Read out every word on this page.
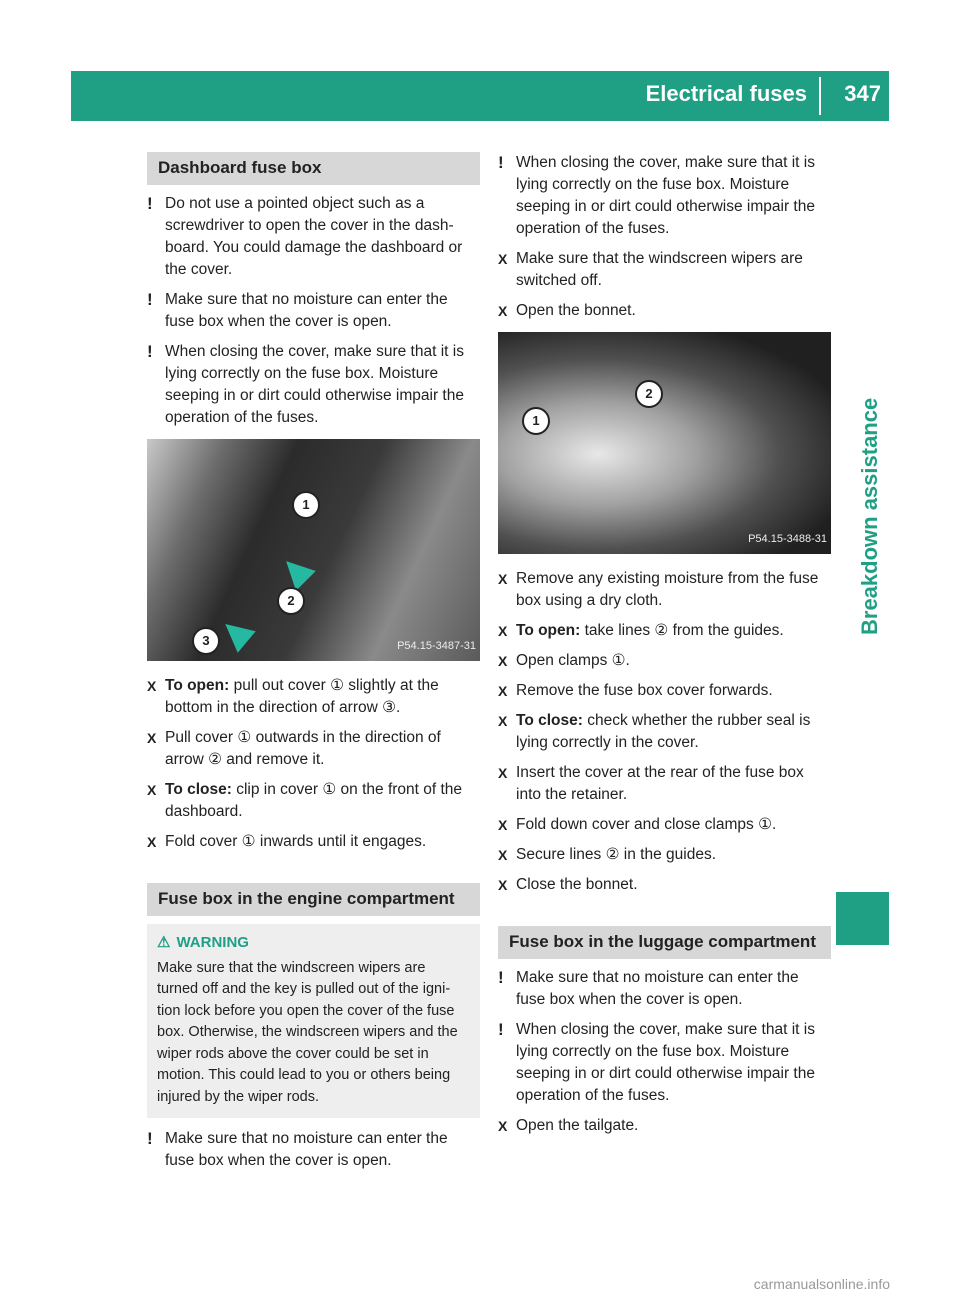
Electrical fuses 347
Breakdown assistance
Dashboard fuse box
! Do not use a pointed object such as a screwdriver to open the cover in the dash-board. You could damage the dashboard or the cover.
! Make sure that no moisture can enter the fuse box when the cover is open.
! When closing the cover, make sure that it is lying correctly on the fuse box. Moisture seeping in or dirt could otherwise impair the operation of the fuses.
1
2
3	P54.15-3487-31
X To open: pull out cover ① slightly at the bottom in the direction of arrow ③.
X Pull cover ① outwards in the direction of arrow ② and remove it.
X To close: clip in cover ① on the front of the dashboard.
X Fold cover ① inwards until it engages.
Fuse box in the engine compartment
⚠ WARNING
Make sure that the windscreen wipers are turned off and the key is pulled out of the igni-tion lock before you open the cover of the fuse box. Otherwise, the windscreen wipers and the wiper rods above the cover could be set in motion. This could lead to you or others being injured by the wiper rods.
! Make sure that no moisture can enter the fuse box when the cover is open.
! When closing the cover, make sure that it is lying correctly on the fuse box. Moisture seeping in or dirt could otherwise impair the operation of the fuses.
X Make sure that the windscreen wipers are switched off.
X Open the bonnet.
1
2
P54.15-3488-31
X Remove any existing moisture from the fuse box using a dry cloth.
X To open: take lines ② from the guides.
X Open clamps ①.
X Remove the fuse box cover forwards.
X To close: check whether the rubber seal is lying correctly in the cover.
X Insert the cover at the rear of the fuse box into the retainer.
X Fold down cover and close clamps ①.
X Secure lines ② in the guides.
X Close the bonnet.
Fuse box in the luggage compartment
! Make sure that no moisture can enter the fuse box when the cover is open.
! When closing the cover, make sure that it is lying correctly on the fuse box. Moisture seeping in or dirt could otherwise impair the operation of the fuses.
X Open the tailgate.
carmanualsonline.info
